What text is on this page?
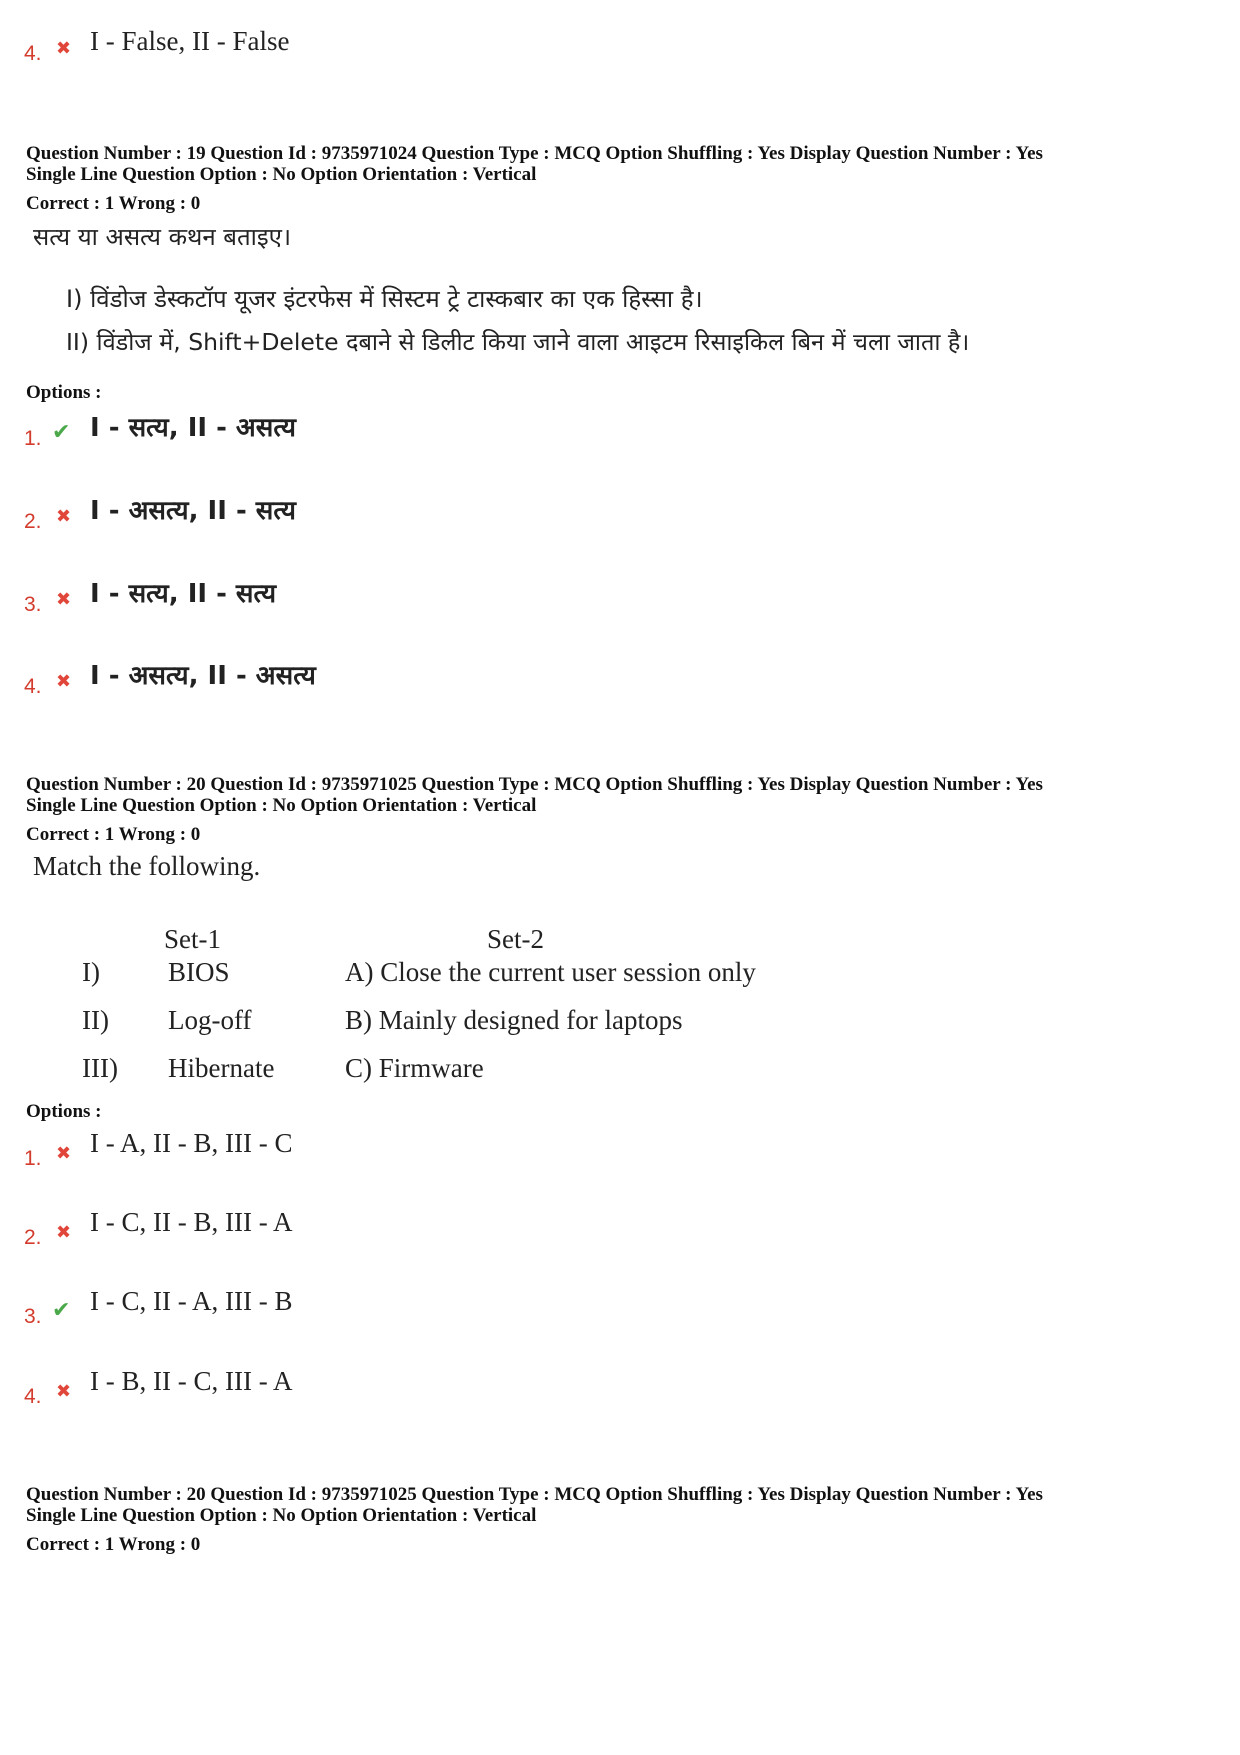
4. ✖ I - False, II - False
Question Number : 19 Question Id : 9735971024 Question Type : MCQ Option Shuffling : Yes Display Question Number : Yes
Single Line Question Option : No Option Orientation : Vertical
Correct : 1 Wrong : 0
सत्य या असत्य कथन बताइए।
I) विंडोज डेस्कटॉप यूजर इंटरफेस में सिस्टम ट्रे टास्कबार का एक हिस्सा है।
II) विंडोज में, Shift+Delete दबाने से डिलीट किया जाने वाला आइटम रिसाइकिल बिन में चला जाता है।
Options :
1. ✔ I - सत्य, II - असत्य
2. ✖ I - असत्य, II - सत्य
3. ✖ I - सत्य, II - सत्य
4. ✖ I - असत्य, II - असत्य
Question Number : 20 Question Id : 9735971025 Question Type : MCQ Option Shuffling : Yes Display Question Number : Yes
Single Line Question Option : No Option Orientation : Vertical
Correct : 1 Wrong : 0
Match the following.
Set-1	Set-2
I)	BIOS	A) Close the current user session only
II) Log-off	B) Mainly designed for laptops
III) Hibernate	C) Firmware
Options :
1. ✖ I - A, II - B, III - C
2. ✖ I - C, II - B, III - A
3. ✔ I - C, II - A, III - B
4. ✖ I - B, II - C, III - A
Question Number : 20 Question Id : 9735971025 Question Type : MCQ Option Shuffling : Yes Display Question Number : Yes
Single Line Question Option : No Option Orientation : Vertical
Correct : 1 Wrong : 0
